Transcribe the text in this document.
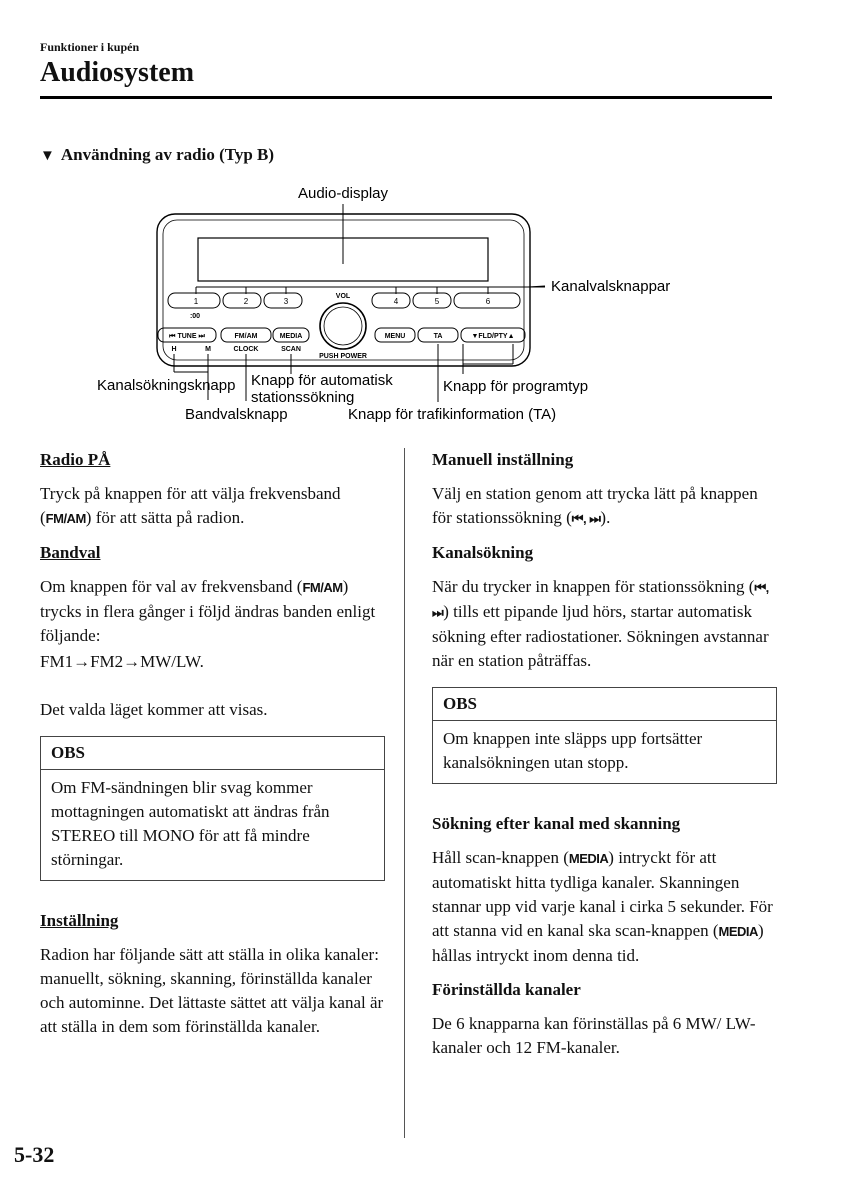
Funktioner i kupén
Audiosystem
▼ Användning av radio (Typ B)
Audio-display
1
:00
2	3	4	5	6
VOL
PUSH POWER
⏮ TUNE ⏭
H	M
FM/AM
CLOCK
MEDIA
SCAN
MENU	TA	▼FLD/PTY▲
Kanalvalsknappar
Kanalsökningsknapp
Bandvalsknapp
Knapp för automatisk
stationssökning
Knapp för trafikinformation (TA)
Knapp för programtyp
Radio PÅ

Tryck på knappen för att välja frekvensband (FM/AM) för att sätta på radion.

Bandval

Om knappen för val av frekvensband (FM/AM) trycks in flera gånger i följd ändras banden enligt följande:

FM1→FM2→MW/LW.

Det valda läget kommer att visas.

OBS
Om FM-sändningen blir svag kommer mottagningen automatiskt att ändras från STEREO till MONO för att få mindre störningar.
Inställning

Radion har följande sätt att ställa in olika kanaler: manuellt, sökning, skanning, förinställda kanaler och autominne. Det lättaste sättet att välja kanal är att ställa in dem som förinställda kanaler.

Manuell inställning

Välj en station genom att trycka lätt på knappen för stationssökning (⏮, ⏭).

Kanalsökning

När du trycker in knappen för stationssökning (⏮, ⏭) tills ett pipande ljud hörs, startar automatisk sökning efter radiostationer. Sökningen avstannar när en station påträffas.

OBS
Om knappen inte släpps upp fortsätter kanalsökningen utan stopp.
Sökning efter kanal med skanning

Håll scan-knappen (MEDIA) intryckt för att automatiskt hitta tydliga kanaler. Skanningen stannar upp vid varje kanal i cirka 5 sekunder. För att stanna vid en kanal ska scan-knappen (MEDIA) hållas intryckt inom denna tid.

Förinställda kanaler

De 6 knapparna kan förinställas på 6 MW/ LW-kanaler och 12 FM-kanaler.

5-32
